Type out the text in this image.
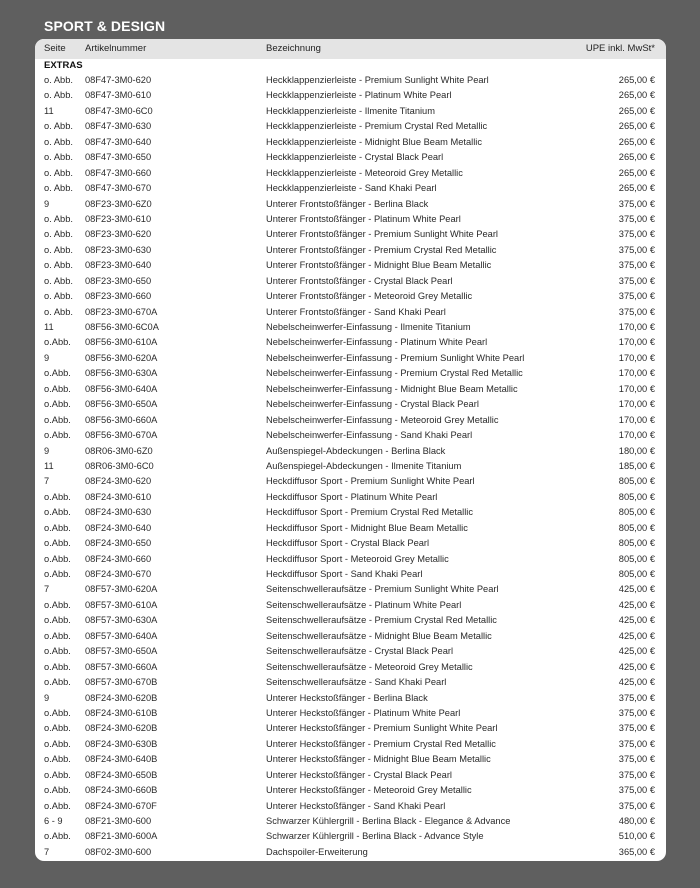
SPORT & DESIGN
Seite Artikelnummer	Bezeichnung	UPE inkl. MwSt*
EXTRAS
o. Abb. 08F47-3M0-620	Heckklappenzierleiste - Premium Sunlight White Pearl	265,00 €
o. Abb. 08F47-3M0-610	Heckklappenzierleiste - Platinum White Pearl	265,00 €
11	08F47-3M0-6C0	Heckklappenzierleiste - Ilmenite Titanium	265,00 €
o. Abb. 08F47-3M0-630	Heckklappenzierleiste - Premium Crystal Red Metallic	265,00 €
o. Abb. 08F47-3M0-640	Heckklappenzierleiste - Midnight Blue Beam Metallic	265,00 €
o. Abb. 08F47-3M0-650	Heckklappenzierleiste - Crystal Black Pearl	265,00 €
o. Abb. 08F47-3M0-660	Heckklappenzierleiste - Meteoroid Grey Metallic	265,00 €
o. Abb. 08F47-3M0-670	Heckklappenzierleiste - Sand Khaki Pearl	265,00 €
9	08F23-3M0-6Z0	Unterer Frontstoßfänger - Berlina Black	375,00 €
o. Abb. 08F23-3M0-610	Unterer Frontstoßfänger - Platinum White Pearl	375,00 €
o. Abb. 08F23-3M0-620	Unterer Frontstoßfänger - Premium Sunlight White Pearl	375,00 €
o. Abb. 08F23-3M0-630	Unterer Frontstoßfänger - Premium Crystal Red Metallic	375,00 €
o. Abb. 08F23-3M0-640	Unterer Frontstoßfänger - Midnight Blue Beam Metallic	375,00 €
o. Abb. 08F23-3M0-650	Unterer Frontstoßfänger - Crystal Black Pearl	375,00 €
o. Abb. 08F23-3M0-660	Unterer Frontstoßfänger - Meteoroid Grey Metallic	375,00 €
o. Abb. 08F23-3M0-670A	Unterer Frontstoßfänger - Sand Khaki Pearl	375,00 €
11	08F56-3M0-6C0A	Nebelscheinwerfer-Einfassung - Ilmenite Titanium	170,00 €
o.Abb. 08F56-3M0-610A	Nebelscheinwerfer-Einfassung - Platinum White Pearl	170,00 €
9	08F56-3M0-620A	Nebelscheinwerfer-Einfassung - Premium Sunlight White Pearl	170,00 €
o.Abb. 08F56-3M0-630A	Nebelscheinwerfer-Einfassung - Premium Crystal Red Metallic	170,00 €
o.Abb. 08F56-3M0-640A	Nebelscheinwerfer-Einfassung - Midnight Blue Beam Metallic	170,00 €
o.Abb. 08F56-3M0-650A	Nebelscheinwerfer-Einfassung - Crystal Black Pearl	170,00 €
o.Abb. 08F56-3M0-660A	Nebelscheinwerfer-Einfassung - Meteoroid Grey Metallic	170,00 €
o.Abb. 08F56-3M0-670A	Nebelscheinwerfer-Einfassung - Sand Khaki Pearl	170,00 €
9	08R06-3M0-6Z0	Außenspiegel-Abdeckungen - Berlina Black	180,00 €
11	08R06-3M0-6C0	Außenspiegel-Abdeckungen - Ilmenite Titanium	185,00 €
7	08F24-3M0-620	Heckdiffusor Sport - Premium Sunlight White Pearl	805,00 €
o.Abb. 08F24-3M0-610	Heckdiffusor Sport - Platinum White Pearl	805,00 €
o.Abb. 08F24-3M0-630	Heckdiffusor Sport - Premium Crystal Red Metallic	805,00 €
o.Abb. 08F24-3M0-640	Heckdiffusor Sport - Midnight Blue Beam Metallic	805,00 €
o.Abb. 08F24-3M0-650	Heckdiffusor Sport - Crystal Black Pearl	805,00 €
o.Abb. 08F24-3M0-660	Heckdiffusor Sport - Meteoroid Grey Metallic	805,00 €
o.Abb. 08F24-3M0-670	Heckdiffusor Sport - Sand Khaki Pearl	805,00 €
7	08F57-3M0-620A	Seitenschwelleraufsätze - Premium Sunlight White Pearl	425,00 €
o.Abb. 08F57-3M0-610A	Seitenschwelleraufsätze - Platinum White Pearl	425,00 €
o.Abb. 08F57-3M0-630A	Seitenschwelleraufsätze - Premium Crystal Red Metallic	425,00 €
o.Abb. 08F57-3M0-640A	Seitenschwelleraufsätze - Midnight Blue Beam Metallic	425,00 €
o.Abb. 08F57-3M0-650A	Seitenschwelleraufsätze - Crystal Black Pearl	425,00 €
o.Abb. 08F57-3M0-660A	Seitenschwelleraufsätze - Meteoroid Grey Metallic	425,00 €
o.Abb. 08F57-3M0-670B	Seitenschwelleraufsätze - Sand Khaki Pearl	425,00 €
9	08F24-3M0-620B	Unterer Heckstoßfänger - Berlina Black	375,00 €
o.Abb. 08F24-3M0-610B	Unterer Heckstoßfänger - Platinum White Pearl	375,00 €
o.Abb. 08F24-3M0-620B	Unterer Heckstoßfänger - Premium Sunlight White Pearl	375,00 €
o.Abb. 08F24-3M0-630B	Unterer Heckstoßfänger - Premium Crystal Red Metallic	375,00 €
o.Abb. 08F24-3M0-640B	Unterer Heckstoßfänger - Midnight Blue Beam Metallic	375,00 €
o.Abb. 08F24-3M0-650B	Unterer Heckstoßfänger - Crystal Black Pearl	375,00 €
o.Abb. 08F24-3M0-660B	Unterer Heckstoßfänger - Meteoroid Grey Metallic	375,00 €
o.Abb. 08F24-3M0-670F	Unterer Heckstoßfänger - Sand Khaki Pearl	375,00 €
6 - 9 08F21-3M0-600	Schwarzer Kühlergrill - Berlina Black - Elegance & Advance	480,00 €
o.Abb. 08F21-3M0-600A	Schwarzer Kühlergrill - Berlina Black - Advance Style	510,00 €
7	08F02-3M0-600	Dachspoiler-Erweiterung	365,00 €
